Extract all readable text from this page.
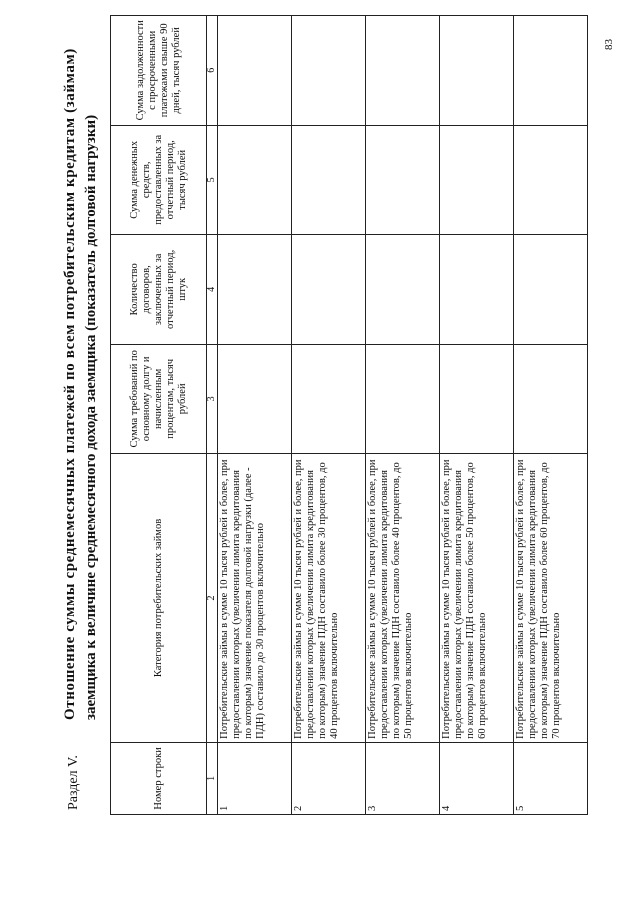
Раздел V.
Отношение суммы среднемесячных платежей по всем потребительским кредитам (займам) заемщика к величине среднемесячного дохода заемщика (показатель долговой нагрузки)
Номер строки	Категория потребительских займов	Сумма требований по основному долгу и начисленным процентам, тысяч рублей	Количество договоров, заключенных за отчетный период, штук	Сумма денежных средств, предоставленных за отчетный период, тысяч рублей	Сумма задолженности с просроченными платежами свыше 90 дней, тысяч рублей
1	2	3	4	5	6
1	Потребительские займы в сумме 10 тысяч рублей и более, при предоставлении которых (увеличении лимита кредитования по которым) значение показателя долговой нагрузки (далее - ПДН) составило до 30 процентов включительно				
2	Потребительские займы в сумме 10 тысяч рублей и более, при предоставлении которых (увеличении лимита кредитования по которым) значение ПДН составило более 30 процентов, до 40 процентов включительно				
3	Потребительские займы в сумме 10 тысяч рублей и более, при предоставлении которых (увеличении лимита кредитования по которым) значение ПДН составило более 40 процентов, до 50 процентов включительно				
4	Потребительские займы в сумме 10 тысяч рублей и более, при предоставлении которых (увеличении лимита кредитования по которым) значение ПДН составило более 50 процентов, до 60 процентов включительно				
5	Потребительские займы в сумме 10 тысяч рублей и более, при предоставлении которых (увеличении лимита кредитования по которым) значение ПДН составило более 60 процентов, до 70 процентов включительно				
83
